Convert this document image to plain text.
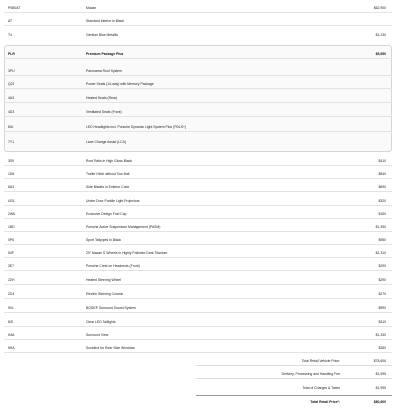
P0B0AT	Macan	$62,900
AT	Standard Interior in Black
T4	Gentian Blue Metallic	$1,230
PLR	Premium Package Plus	$5,650
3PU	Panorama Roof System
Q2J	Power Seats (14-way) with Memory Package
4A3	Heated Seats (Rear)
4D3	Ventilated Seats (Front)
8IU	LED Headlights incl. Porsche Dynamic Light System Plus (PDLS+)
7Y1	Lane Change Assist (LCA)
3S9	Roof Rails in High Gloss Black	$410
1D6	Trailer Hitch without Tow Ball	$840
6A3	Side Blades in Exterior Color	$690
UD1	Under Door Puddle Light Projectors	$320
2W6	Exclusive Design Fuel Cap	$150
1BD	Porsche Active Suspension Management (PASM)	$1,390
0P6	Sport Tailpipes in Black	$950
54F	20" Macan S Wheels in Highly Polished Dark Titanium	$2,310
3E7	Porsche Crest on Headrests (Front)	$290
2ZH	Heated Steering Wheel	$290
2D4	Electric Steering Column	$270
9VL	BOSE® Surround Sound System	$990
8IS	Clear LED Taillights	$310
KA6	Surround View	$1,330
5HA	Sunblind for Rear Side Windows	$280
Total Retail Vehicle Price:	$78,606
Delivery, Processing and Handling Fee	$1,995
Total of Charges & Taxes	$1,995
Total Retail Price*:	$80,600
